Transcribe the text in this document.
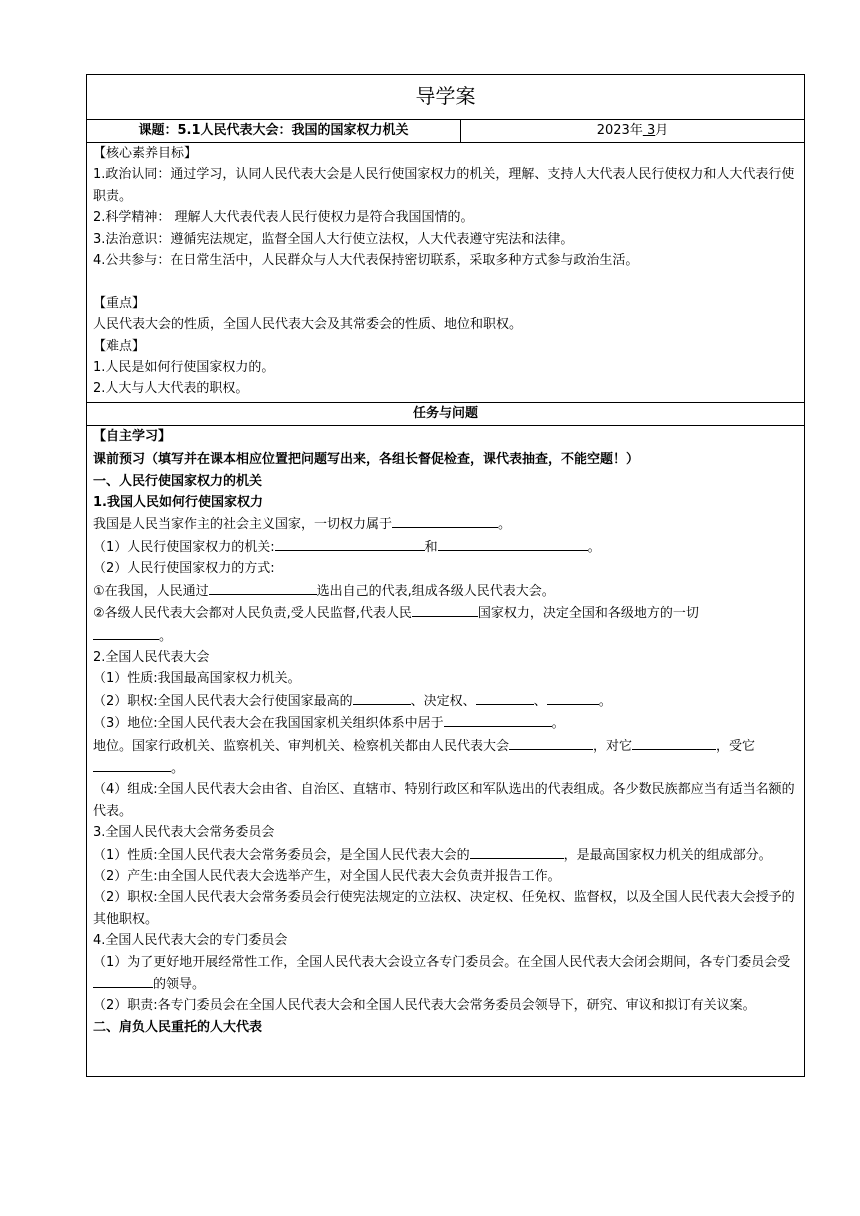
导学案
课题：5.1人民代表大会：我国的国家权力机关	2023年 3月

【核心素养目标】

1.政治认同：通过学习，认同人民代表大会是人民行使国家权力的机关，理解、支持人大代表人民行使权力和人大代表行使职责。

2.科学精神： 理解人大代表代表人民行使权力是符合我国国情的。

3.法治意识：遵循宪法规定，监督全国人大行使立法权，人大代表遵守宪法和法律。

4.公共参与：在日常生活中，人民群众与人大代表保持密切联系，采取多种方式参与政治生活。

【重点】

人民代表大会的性质，全国人民代表大会及其常委会的性质、地位和职权。

【难点】

1.人民是如何行使国家权力的。

2.人大与人大代表的职权。

任务与问题

【自主学习】

课前预习（填写并在课本相应位置把问题写出来，各组长督促检查，课代表抽查，不能空题！）

一、人民行使国家权力的机关

1.我国人民如何行使国家权力

我国是人民当家作主的社会主义国家，一切权力属于	。

（1）人民行使国家权力的机关:	和	。

（2）人民行使国家权力的方式:

①在我国，人民通过	选出自己的代表,组成各级人民代表大会。

②各级人民代表大会都对人民负责,受人民监督,代表人民	国家权力，决定全国和各级地方的一切
。

2.全国人民代表大会

（1）性质:我国最高国家权力机关。

（2）职权:全国人民代表大会行使国家最高的	、决定权、	、	。

（3）地位:全国人民代表大会在我国国家机关组织体系中居于	。

地位。国家行政机关、监察机关、审判机关、检察机关都由人民代表大会	，对它	，受它。

（4）组成:全国人民代表大会由省、自治区、直辖市、特别行政区和军队选出的代表组成。各少数民族都应当有适当名额的代表。

3.全国人民代表大会常务委员会

（1）性质:全国人民代表大会常务委员会，是全国人民代表大会的	，是最高国家权力机关的组成部分。

（2）产生:由全国人民代表大会选举产生，对全国人民代表大会负责并报告工作。

（2）职权:全国人民代表大会常务委员会行使宪法规定的立法权、决定权、任免权、监督权，以及全国人民代表大会授予的其他职权。

4.全国人民代表大会的专门委员会

（1）为了更好地开展经常性工作，全国人民代表大会设立各专门委员会。在全国人民代表大会闭会期间，各专门委员会受的领导。

（2）职责:各专门委员会在全国人民代表大会和全国人民代表大会常务委员会领导下，研究、审议和拟订有关议案。

二、肩负人民重托的人大代表
